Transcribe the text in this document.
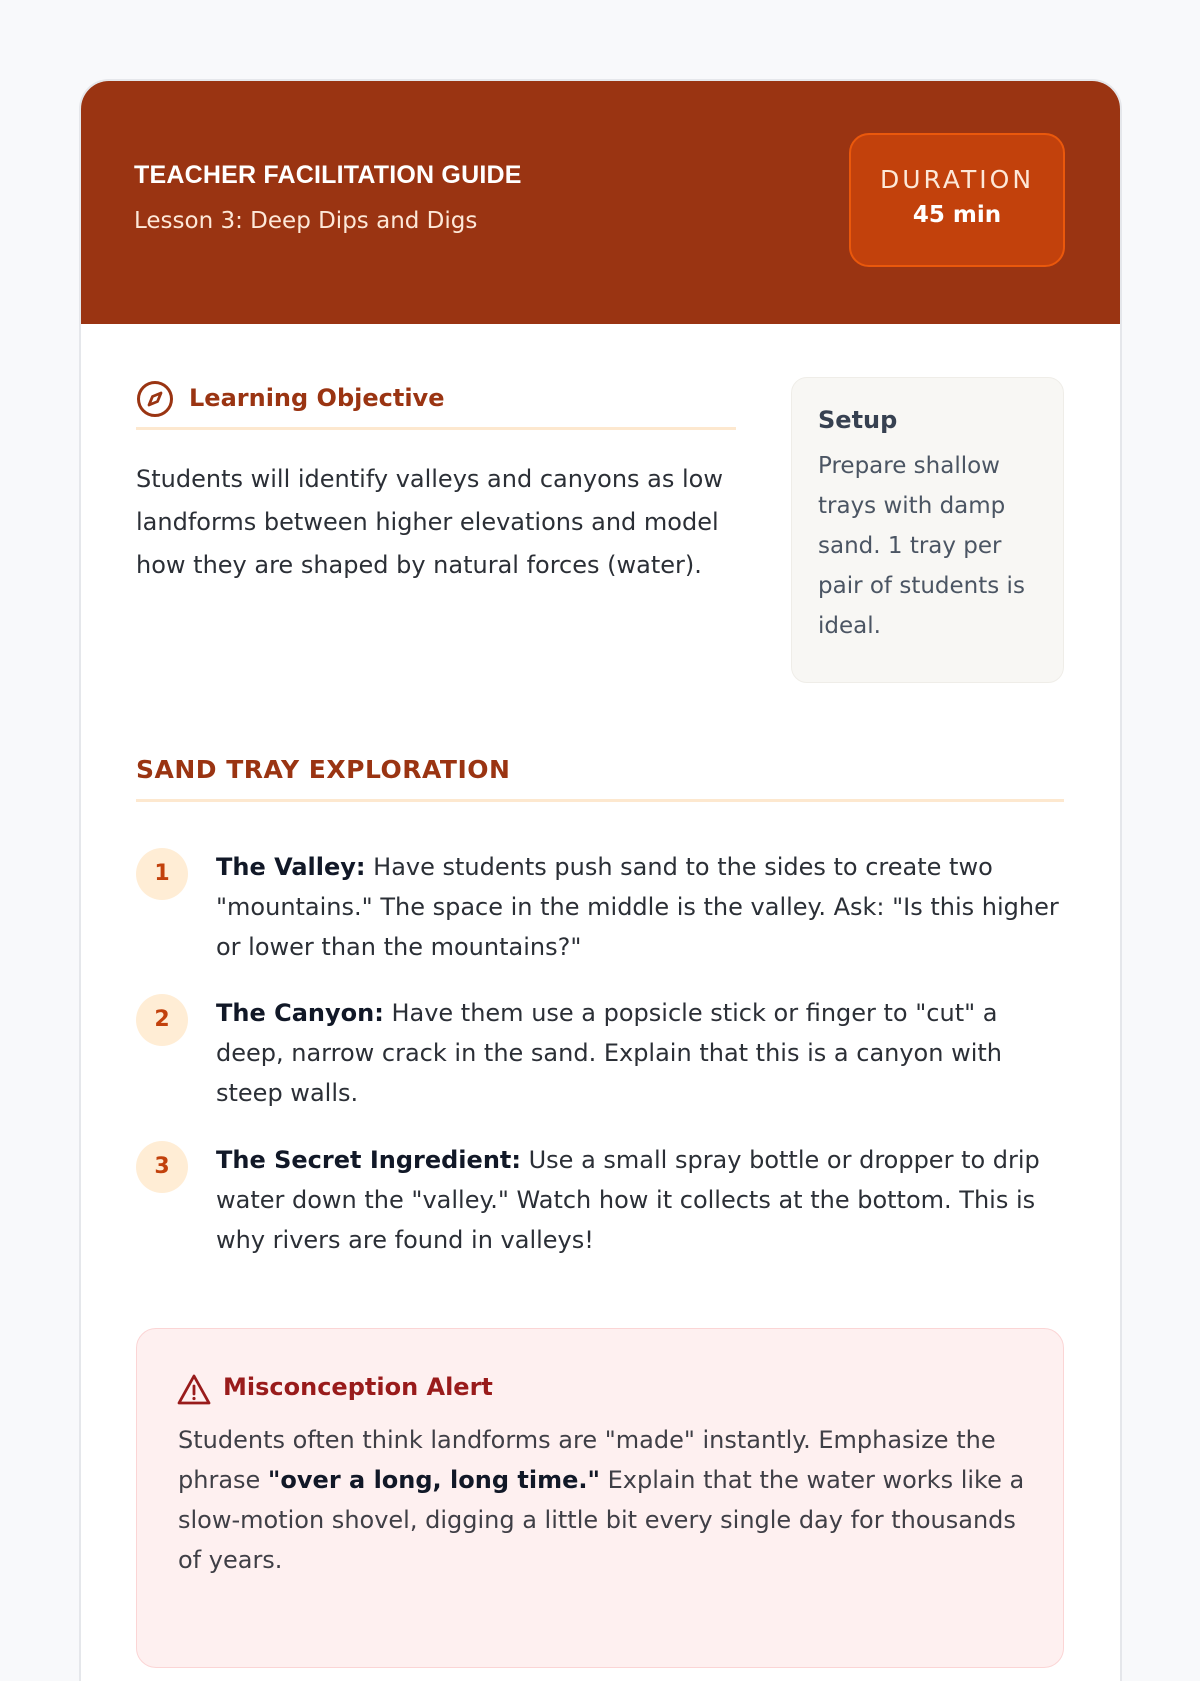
TEACHER FACILITATION GUIDE
Lesson 3: Deep Dips and Digs
DURATION
45 min
Learning Objective
Students will identify valleys and canyons as low landforms between higher elevations and model how they are shaped by natural forces (water).
Setup
Prepare shallow trays with damp sand. 1 tray per pair of students is ideal.
SAND TRAY EXPLORATION
1	The Valley: Have students push sand to the sides to create two "mountains." The space in the middle is the valley. Ask: "Is this higher or lower than the mountains?"
2	The Canyon: Have them use a popsicle stick or finger to "cut" a deep, narrow crack in the sand. Explain that this is a canyon with steep walls.
3	The Secret Ingredient: Use a small spray bottle or dropper to drip water down the "valley." Watch how it collects at the bottom. This is why rivers are found in valleys!
Misconception Alert
Students often think landforms are "made" instantly. Emphasize the phrase "over a long, long time." Explain that the water works like a slow-motion shovel, digging a little bit every single day for thousands of years.
